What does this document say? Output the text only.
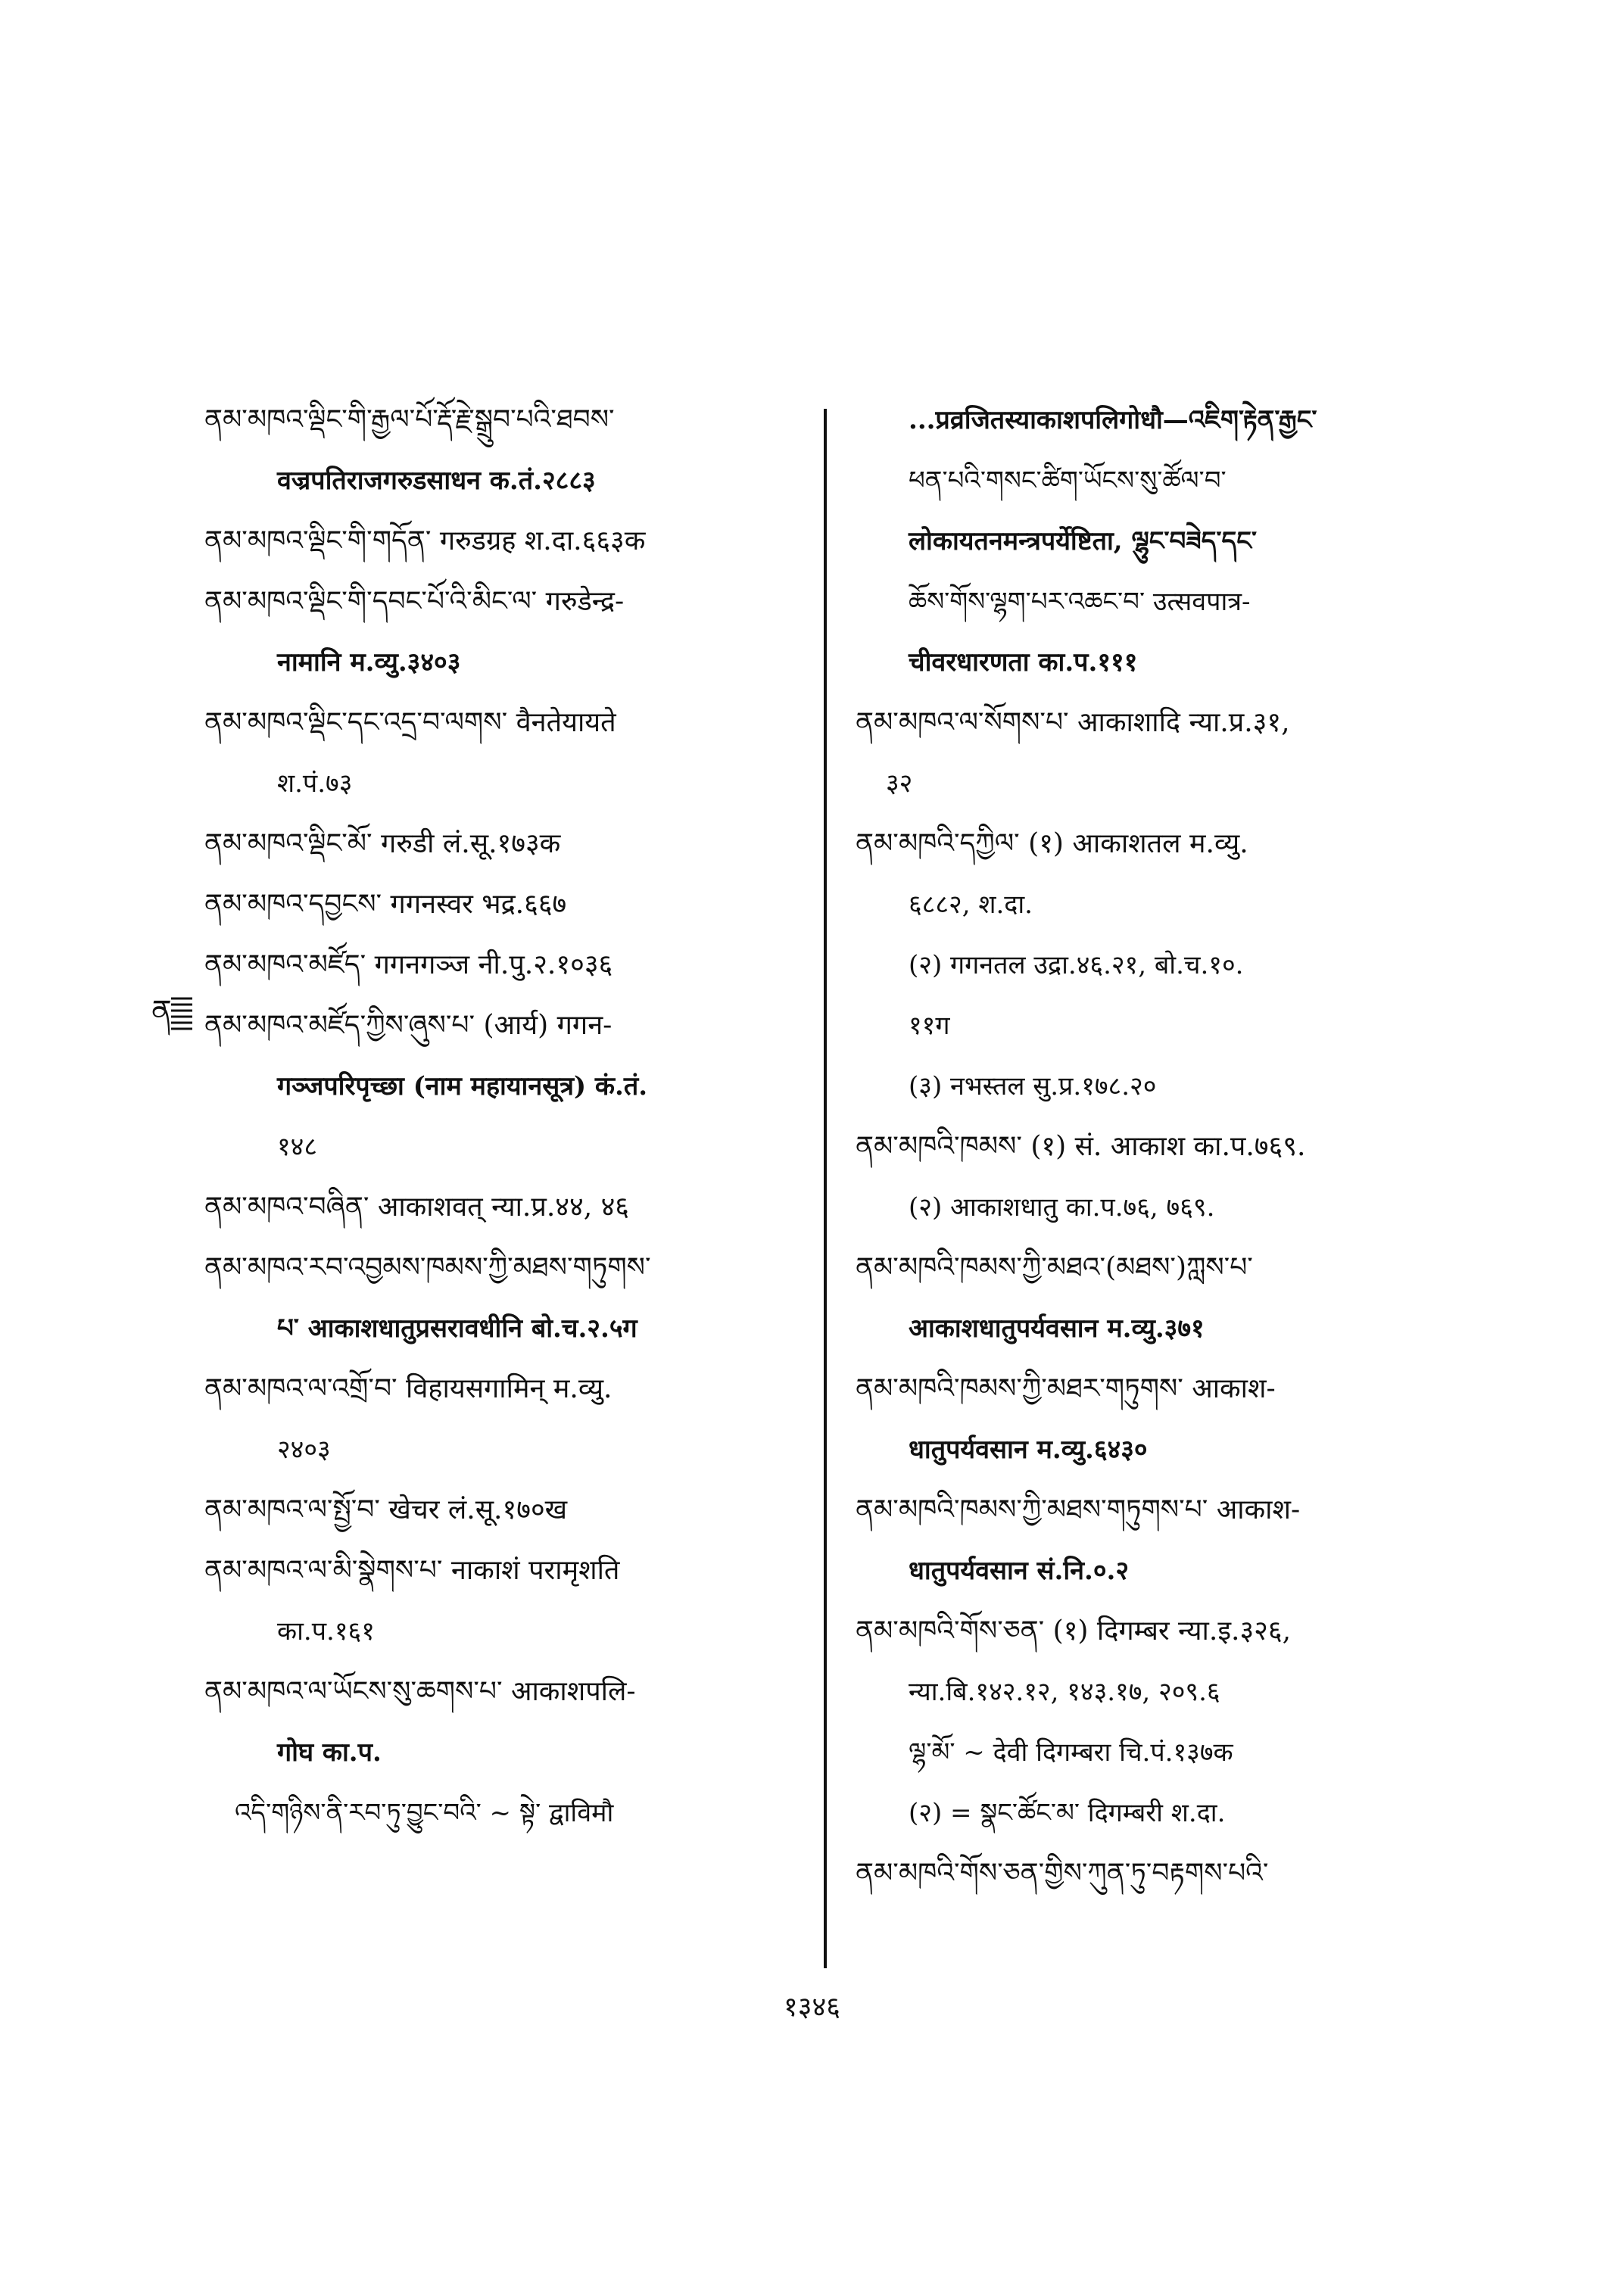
ནམ་མཁའ་ལྡིང་གི་རྒྱལ་པོ་རྡོ་རྗེ་སྒྲུབ་པའི་ཐབས་
वज्रपतिराजगरुडसाधन क.तं.२८८३
ནམ་མཁའ་ལྡིང་གི་གདོན་ गरुडग्रह श.दा.६६३क
ནམ་མཁའ་ལྡིང་གི་དབང་པོ་འི་མིང་ལ་ गरुडेन्द्र-
नामानि म.व्यु.३४०३
ནམ་མཁའ་ལྡིང་དང་འདྲ་བ་ལགས་ वैनतेयायते
श.पं.७३
ནམ་མཁའ་ལྡིང་མོ་ गरुडी लं.सू.१७३क
ནམ་མཁའ་དབྱངས་ गगनस्वर भद्र.६६७
ནམ་མཁའ་མཛོད་ गगनगञ्ज नी.पु.२.१०३६
ནམ་མཁའ་མཛོད་ཀྱིས་ཞུས་པ་ (आर्य) गगन-
गञ्जपरिपृच्छा (नाम महायानसूत्र) कं.तं.
१४८
ནམ་མཁའ་བཞིན་ आकाशवत् न्या.प्र.४४, ४६
ནམ་མཁའ་རབ་འབྱམས་ཁམས་ཀྱི་མཐས་གཏུགས་
པ་ आकाशधातुप्रसरावधीनि बो.च.२.५ग
ནམ་མཁའ་ལ་འགྲོ་བ་ विहायसगामिन् म.व्यु.
२४०३
ནམ་མཁའ་ལ་སྤྱོ་བ་ खेचर लं.सू.१७०ख
ནམ་མཁའ་ལ་མི་སྣེགས་པ་ नाकाशं परामृशति
का.प.१६१
ནམ་མཁའ་ལ་ཡོངས་སུ་ཆགས་པ་ आकाशपलि-
गोघ का.प.
འདི་གཉིས་ནི་རབ་ཏུ་བྱུང་བའི་ ~ སྟེ་ द्वाविमौ
...प्रव्रजितस्याकाशपलिगोधौ—འཇིག་རྟེན་རྒྱང་
ཕན་པའི་གསང་ཚིག་ཡོངས་སུ་ཚོལ་བ་
लोकायतनमन्त्रपर्येष्टिता, ལྷུང་བཟེད་དང་
ཆོས་གོས་ལྷག་པར་འཆང་བ་ उत्सवपात्र-
चीवरधारणता का.प.१११
ནམ་མཁའ་ལ་སོགས་པ་ आकाशादि न्या.प्र.३१,
३२
ནམ་མཁའི་དཀྱིལ་ (१) आकाशतल म.व्यु.
६८८२, श.दा.
(२) गगनतल उद्रा.४६.२१, बो.च.१०.
११ग
(३) नभस्तल सु.प्र.१७८.२०
ནམ་མཁའི་ཁམས་ (१) सं. आकाश का.प.७६९.
(२) आकाशधातु का.प.७६, ७६९.
ནམ་མཁའི་ཁམས་ཀྱི་མཐའ་(མཐས་)ཀླས་པ་
आकाशधातुपर्यवसान म.व्यु.३७१
ནམ་མཁའི་ཁམས་ཀྱི་མཐར་གཏུགས་ आकाश-
धातुपर्यवसान म.व्यु.६४३०
ནམ་མཁའི་ཁམས་ཀྱི་མཐས་གཏུགས་པ་ आकाश-
धातुपर्यवसान सं.नि.०.२
ནམ་མཁའི་གོས་ཅན་ (१) दिगम्बर न्या.इ.३२६,
न्या.बि.१४२.१२, १४३.१७, २०९.६
ལྷ་མོ་ ~ देवी दिगम्बरा चि.पं.१३७क
(२) = སྣང་ཚོང་མ་ दिगम्बरी श.दा.
ནམ་མཁའི་གོས་ཅན་གྱིས་ཀུན་ཏུ་བརྟགས་པའི་
ན
१३४६
